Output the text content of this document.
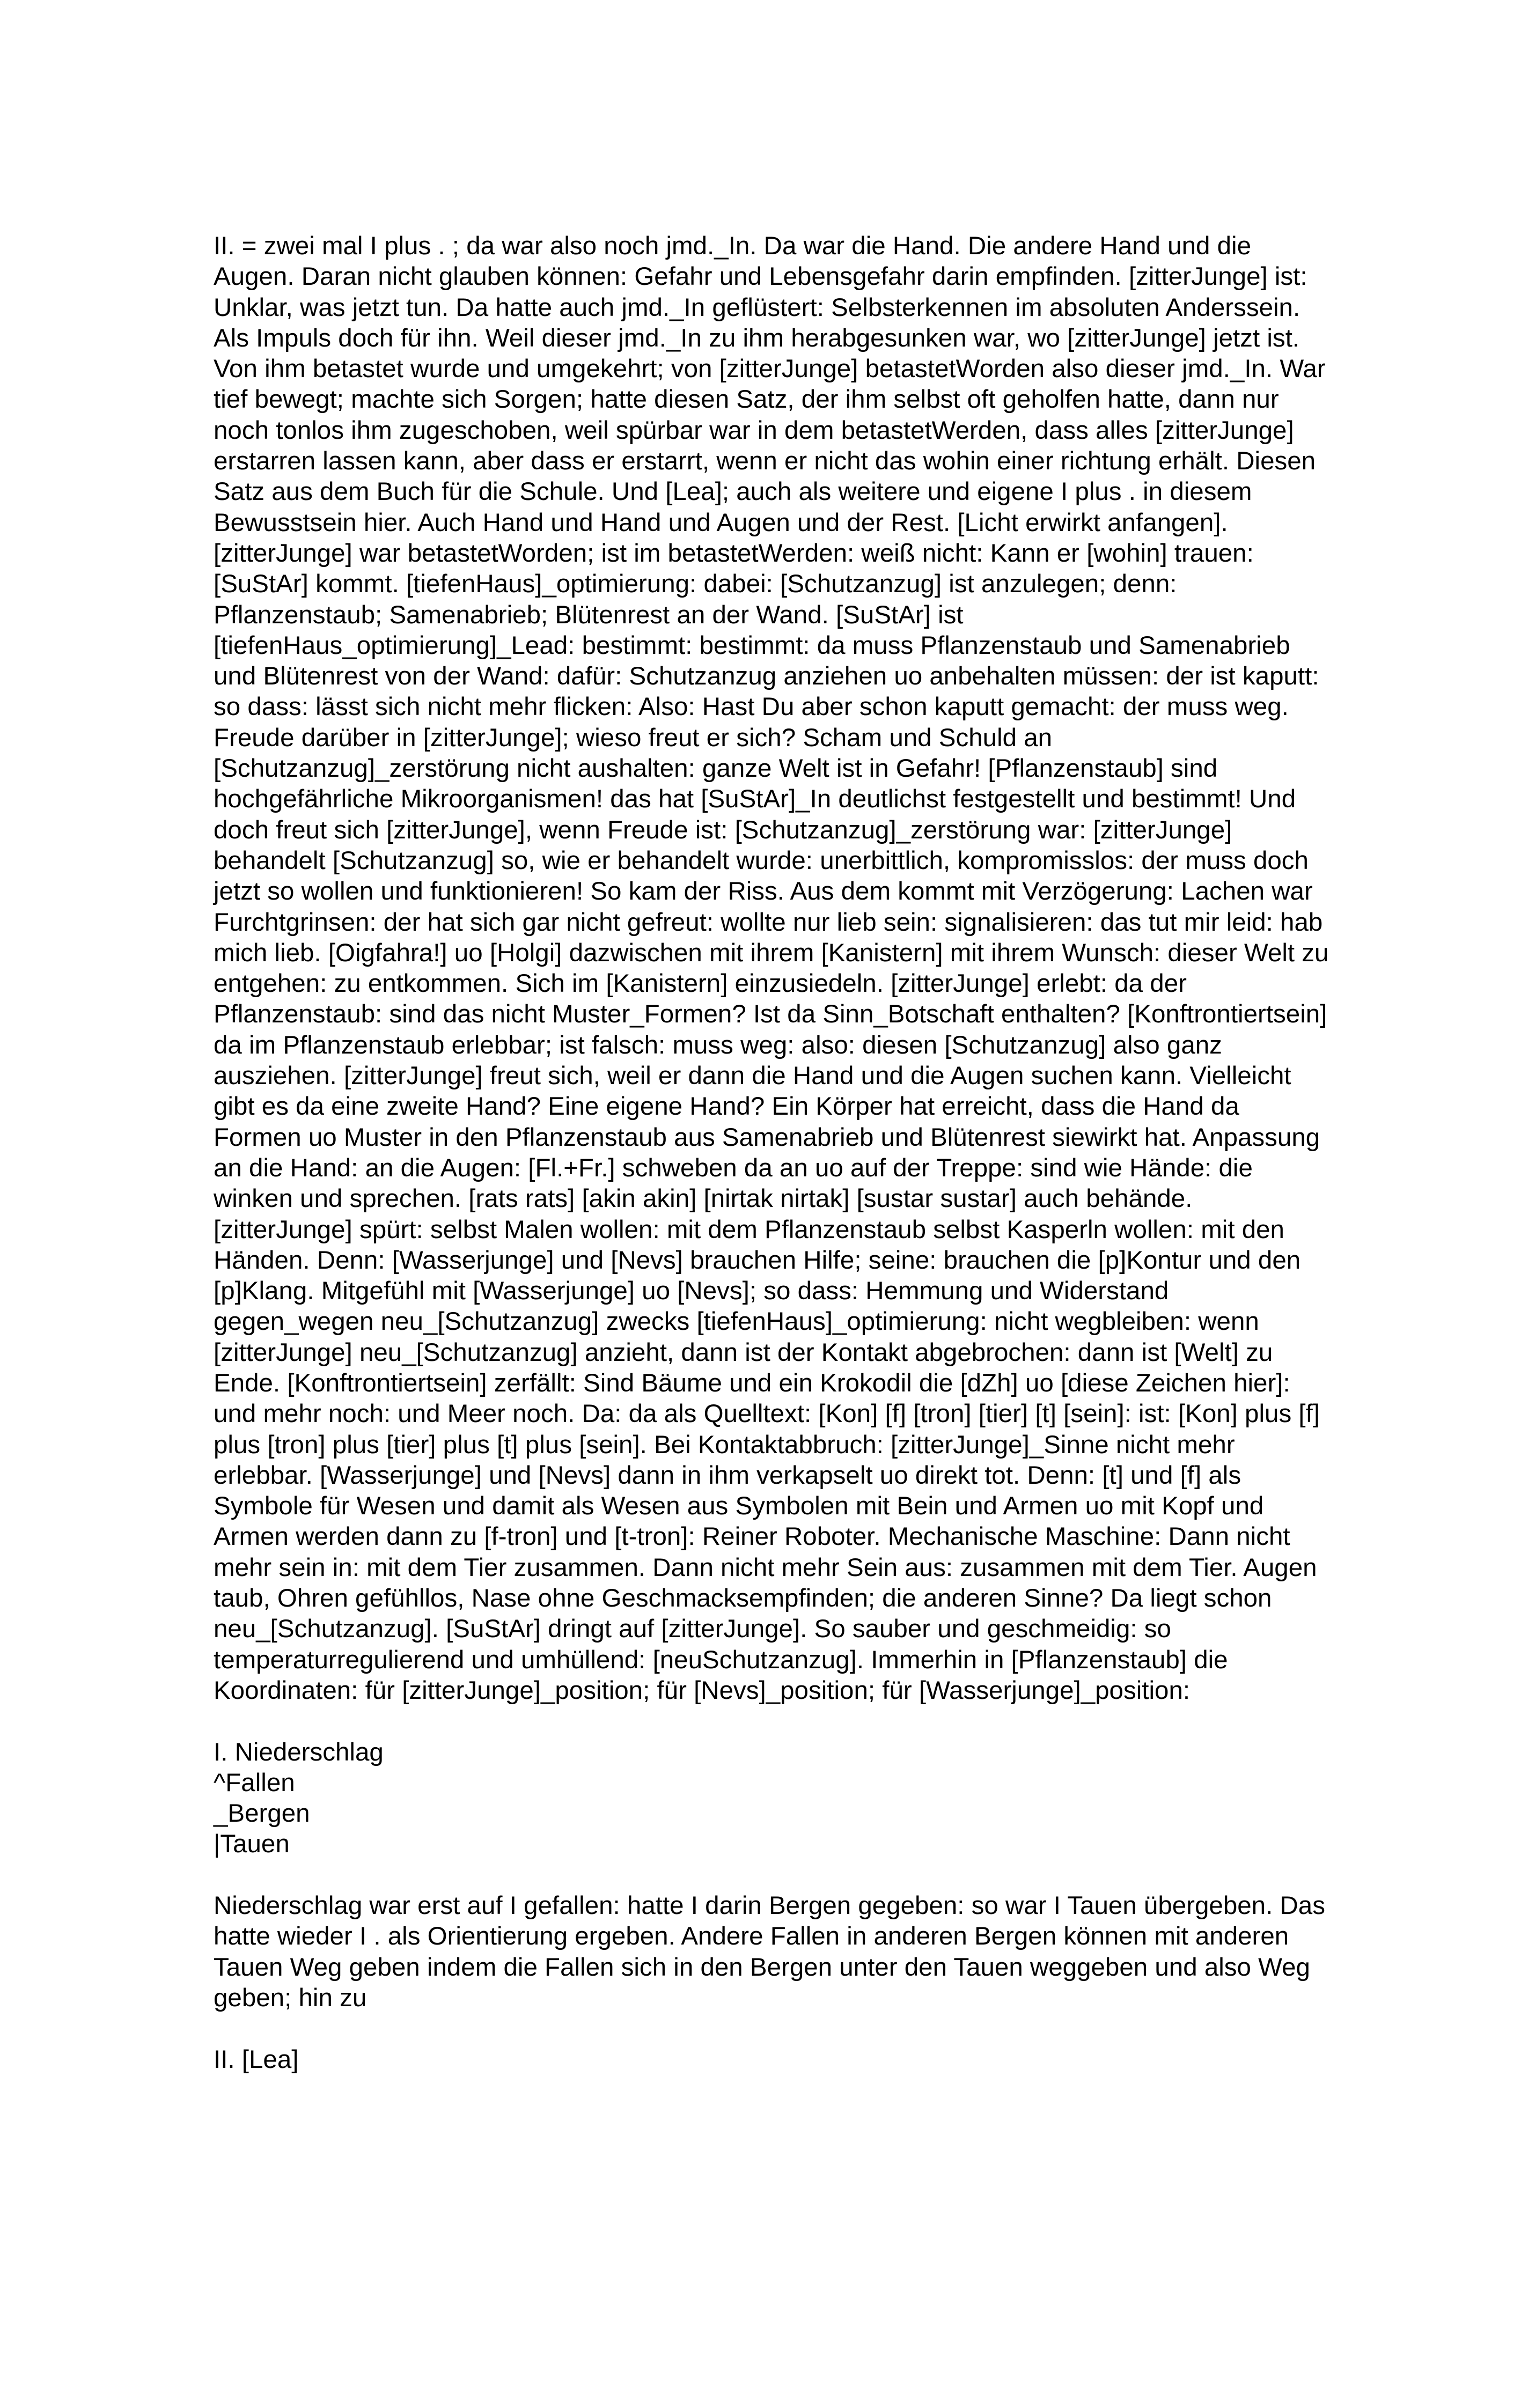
II. = zwei mal I plus . ; da war also noch jmd._In. Da war die Hand. Die andere Hand und die Augen. Daran nicht glauben können: Gefahr und Lebensgefahr darin empfinden. [zitterJunge] ist: Unklar, was jetzt tun. Da hatte auch jmd._In geflüstert: Selbsterkennen im absoluten Anderssein. Als Impuls doch für ihn. Weil dieser jmd._In zu ihm herabgesunken war, wo [zitterJunge] jetzt ist. Von ihm betastet wurde und umgekehrt; von [zitterJunge] betastetWorden also dieser jmd._In. War tief bewegt; machte sich Sorgen; hatte diesen Satz, der ihm selbst oft geholfen hatte, dann nur noch tonlos ihm zugeschoben, weil spürbar war in dem betastetWerden, dass alles [zitterJunge] erstarren lassen kann, aber dass er erstarrt, wenn er nicht das wohin einer richtung erhält. Diesen Satz aus dem Buch für die Schule. Und [Lea]; auch als weitere und eigene I plus . in diesem Bewusstsein hier. Auch Hand und Hand und Augen und der Rest. [Licht erwirkt anfangen]. [zitterJunge] war betastetWorden; ist im betastetWerden: weiß nicht: Kann er [wohin] trauen: [SuStAr] kommt. [tiefenHaus]_optimierung: dabei: [Schutzanzug] ist anzulegen; denn: Pflanzenstaub; Samenabrieb; Blütenrest an der Wand. [SuStAr] ist [tiefenHaus_optimierung]_Lead: bestimmt: bestimmt: da muss Pflanzenstaub und Samenabrieb und Blütenrest von der Wand: dafür: Schutzanzug anziehen uo anbehalten müssen: der ist kaputt: so dass: lässt sich nicht mehr flicken: Also: Hast Du aber schon kaputt gemacht: der muss weg. Freude darüber in [zitterJunge]; wieso freut er sich? Scham und Schuld an [Schutzanzug]_zerstörung nicht aushalten: ganze Welt ist in Gefahr! [Pflanzenstaub] sind hochgefährliche Mikroorganismen! das hat [SuStAr]_In deutlichst festgestellt und bestimmt! Und doch freut sich [zitterJunge], wenn Freude ist: [Schutzanzug]_zerstörung war: [zitterJunge] behandelt [Schutzanzug] so, wie er behandelt wurde: unerbittlich, kompromisslos: der muss doch jetzt so wollen und funktionieren! So kam der Riss. Aus dem kommt mit Verzögerung: Lachen war Furchtgrinsen: der hat sich gar nicht gefreut: wollte nur lieb sein: signalisieren: das tut mir leid: hab mich lieb. [Oigfahra!] uo [Holgi] dazwischen mit ihrem [Kanistern] mit ihrem Wunsch: dieser Welt zu entgehen: zu entkommen. Sich im [Kanistern] einzusiedeln. [zitterJunge] erlebt: da der Pflanzenstaub: sind das nicht Muster_Formen? Ist da Sinn_Botschaft enthalten? [Konftrontiertsein] da im Pflanzenstaub erlebbar; ist falsch: muss weg: also: diesen [Schutzanzug] also ganz ausziehen. [zitterJunge] freut sich, weil er dann die Hand und die Augen suchen kann. Vielleicht gibt es da eine zweite Hand? Eine eigene Hand? Ein Körper hat erreicht, dass die Hand da Formen uo Muster in den Pflanzenstaub aus Samenabrieb und Blütenrest siewirkt hat. Anpassung an die Hand: an die Augen: [Fl.+Fr.] schweben da an uo auf der Treppe: sind wie Hände: die winken und sprechen. [rats rats] [akin akin] [nirtak nirtak] [sustar sustar] auch behände. [zitterJunge] spürt: selbst Malen wollen: mit dem Pflanzenstaub selbst Kasperln wollen: mit den Händen. Denn: [Wasserjunge] und [Nevs] brauchen Hilfe; seine: brauchen die [p]Kontur und den [p]Klang. Mitgefühl mit [Wasserjunge] uo [Nevs]; so dass: Hemmung und Widerstand gegen_wegen neu_[Schutzanzug] zwecks [tiefenHaus]_optimierung: nicht wegbleiben: wenn [zitterJunge] neu_[Schutzanzug] anzieht, dann ist der Kontakt abgebrochen: dann ist [Welt] zu Ende. [Konftrontiertsein] zerfällt: Sind Bäume und ein Krokodil die [dZh] uo [diese Zeichen hier]: und mehr noch: und Meer noch. Da: da als Quelltext: [Kon] [f] [tron] [tier] [t] [sein]: ist: [Kon] plus [f] plus [tron] plus [tier] plus [t] plus [sein]. Bei Kontaktabbruch: [zitterJunge]_Sinne nicht mehr erlebbar. [Wasserjunge] und [Nevs] dann in ihm verkapselt uo direkt tot. Denn: [t] und [f] als Symbole für Wesen und damit als Wesen aus Symbolen mit Bein und Armen uo mit Kopf und Armen werden dann zu [f-tron] und [t-tron]: Reiner Roboter. Mechanische Maschine: Dann nicht mehr sein in: mit dem Tier zusammen. Dann nicht mehr Sein aus: zusammen mit dem Tier. Augen taub, Ohren gefühllos, Nase ohne Geschmacksempfinden; die anderen Sinne? Da liegt schon neu_[Schutzanzug]. [SuStAr] dringt auf [zitterJunge]. So sauber und geschmeidig: so temperaturregulierend und umhüllend: [neuSchutzanzug]. Immerhin in [Pflanzenstaub] die Koordinaten: für [zitterJunge]_position; für [Nevs]_position; für [Wasserjunge]_position:

I. Niederschlag
^Fallen
_Bergen
|Tauen

Niederschlag war erst auf I gefallen: hatte I darin Bergen gegeben: so war I Tauen übergeben. Das hatte wieder I . als Orientierung ergeben. Andere Fallen in anderen Bergen können mit anderen Tauen Weg geben indem die Fallen sich in den Bergen unter den Tauen weggeben und also Weg geben; hin zu

II. [Lea]
